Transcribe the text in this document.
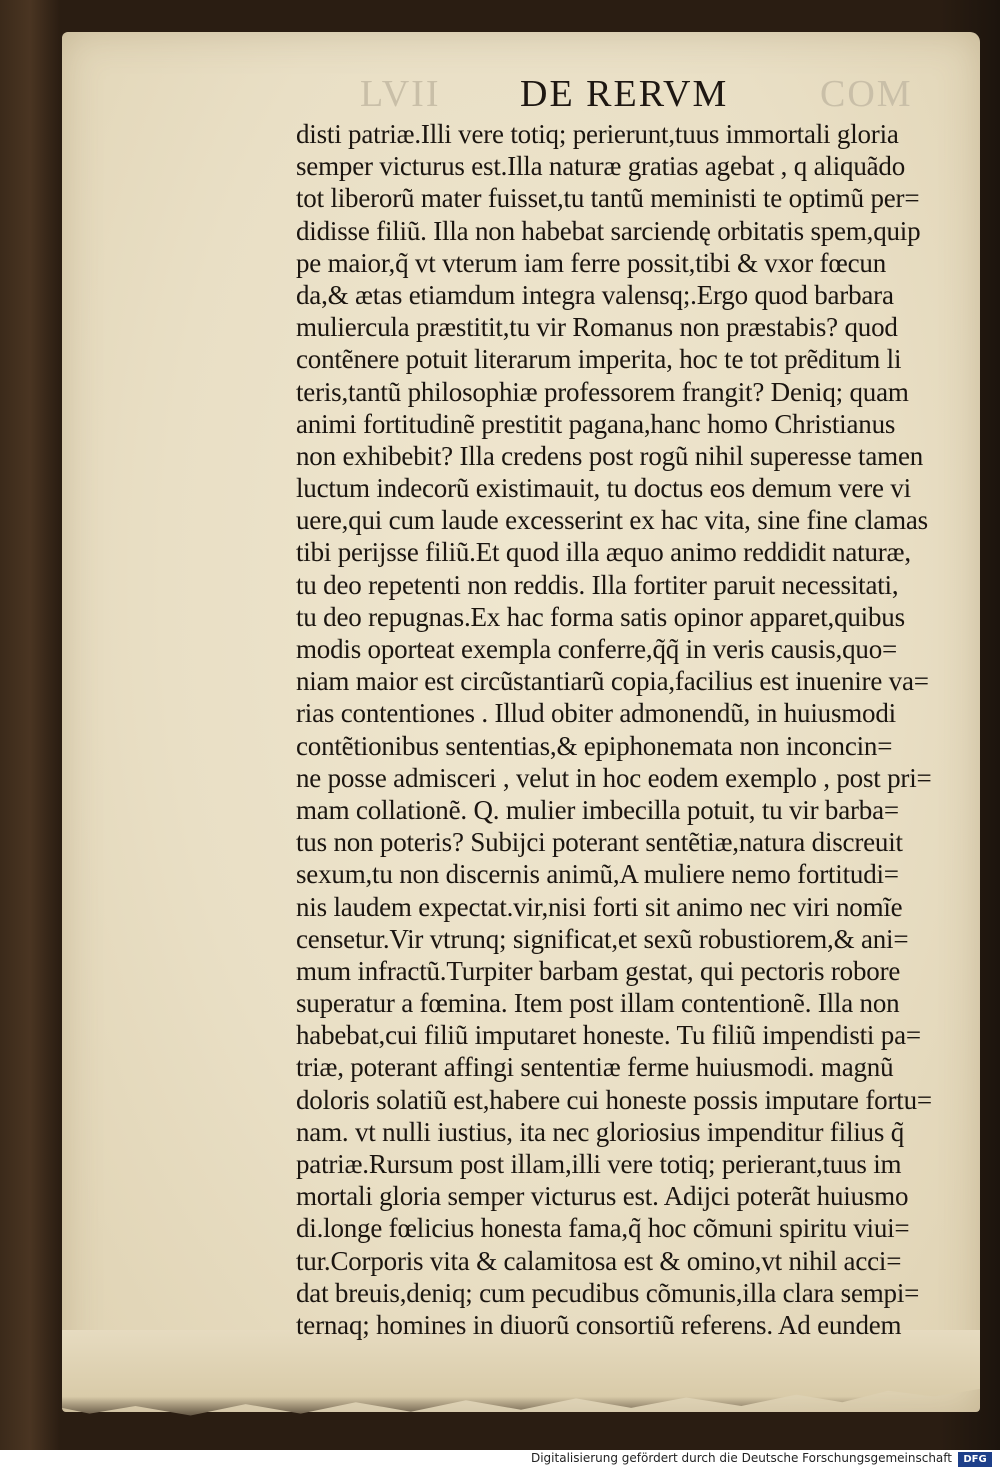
LVII DE RERVM COM
disti patriæ.Illi vere totiq; perierunt,tuus immortali gloria
semper victurus est.Illa naturæ gratias agebat , q aliquãdo
tot liberorũ mater fuisset,tu tantũ meministi te optimũ per=
didisse filiũ. Illa non habebat sarciendę orbitatis spem,quip
pe maior,q̃ vt vterum iam ferre possit,tibi & vxor fœcun
da,& ætas etiamdum integra valensq;.Ergo quod barbara
muliercula præstitit,tu vir Romanus non præstabis? quod
contẽnere potuit literarum imperita, hoc te tot prẽditum li
teris,tantũ philosophiæ professorem frangit? Deniq; quam
animi fortitudinẽ prestitit pagana,hanc homo Christianus
non exhibebit? Illa credens post rogũ nihil superesse tamen
luctum indecorũ existimauit, tu doctus eos demum vere vi
uere,qui cum laude excesserint ex hac vita, sine fine clamas
tibi perijsse filiũ.Et quod illa æquo animo reddidit naturæ,
tu deo repetenti non reddis. Illa fortiter paruit necessitati,
tu deo repugnas.Ex hac forma satis opinor apparet,quibus
modis oporteat exempla conferre,q̃q̃ in veris causis,quo=
niam maior est circũstantiarũ copia,facilius est inuenire va=
rias contentiones . Illud obiter admonendũ, in huiusmodi
contẽtionibus sententias,& epiphonemata non inconcin=
ne posse admisceri , velut in hoc eodem exemplo , post pri=
mam collationẽ. Q. mulier imbecilla potuit, tu vir barba=
tus non poteris? Subijci poterant sentẽtiæ,natura discreuit
sexum,tu non discernis animũ,A muliere nemo fortitudi=
nis laudem expectat.vir,nisi forti sit animo nec viri nomĩe
censetur.Vir vtrunq; significat,et sexũ robustiorem,& ani=
mum infractũ.Turpiter barbam gestat, qui pectoris robore
superatur a fœmina. Item post illam contentionẽ. Illa non
habebat,cui filiũ imputaret honeste. Tu filiũ impendisti pa=
triæ, poterant affingi sententiæ ferme huiusmodi. magnũ
doloris solatiũ est,habere cui honeste possis imputare fortu=
nam. vt nulli iustius, ita nec gloriosius impenditur filius q̃
patriæ.Rursum post illam,illi vere totiq; perierant,tuus im
mortali gloria semper victurus est. Adijci poterãt huiusmo
di.longe fœlicius honesta fama,q̃ hoc cõmuni spiritu viui=
tur.Corporis vita & calamitosa est & omino,vt nihil acci=
dat breuis,deniq; cum pecudibus cõmunis,illa clara sempi=
ternaq; homines in diuorũ consortiũ referens. Ad eundem
Digitalisierung gefördert durch die Deutsche Forschungsgemeinschaft	DFG
